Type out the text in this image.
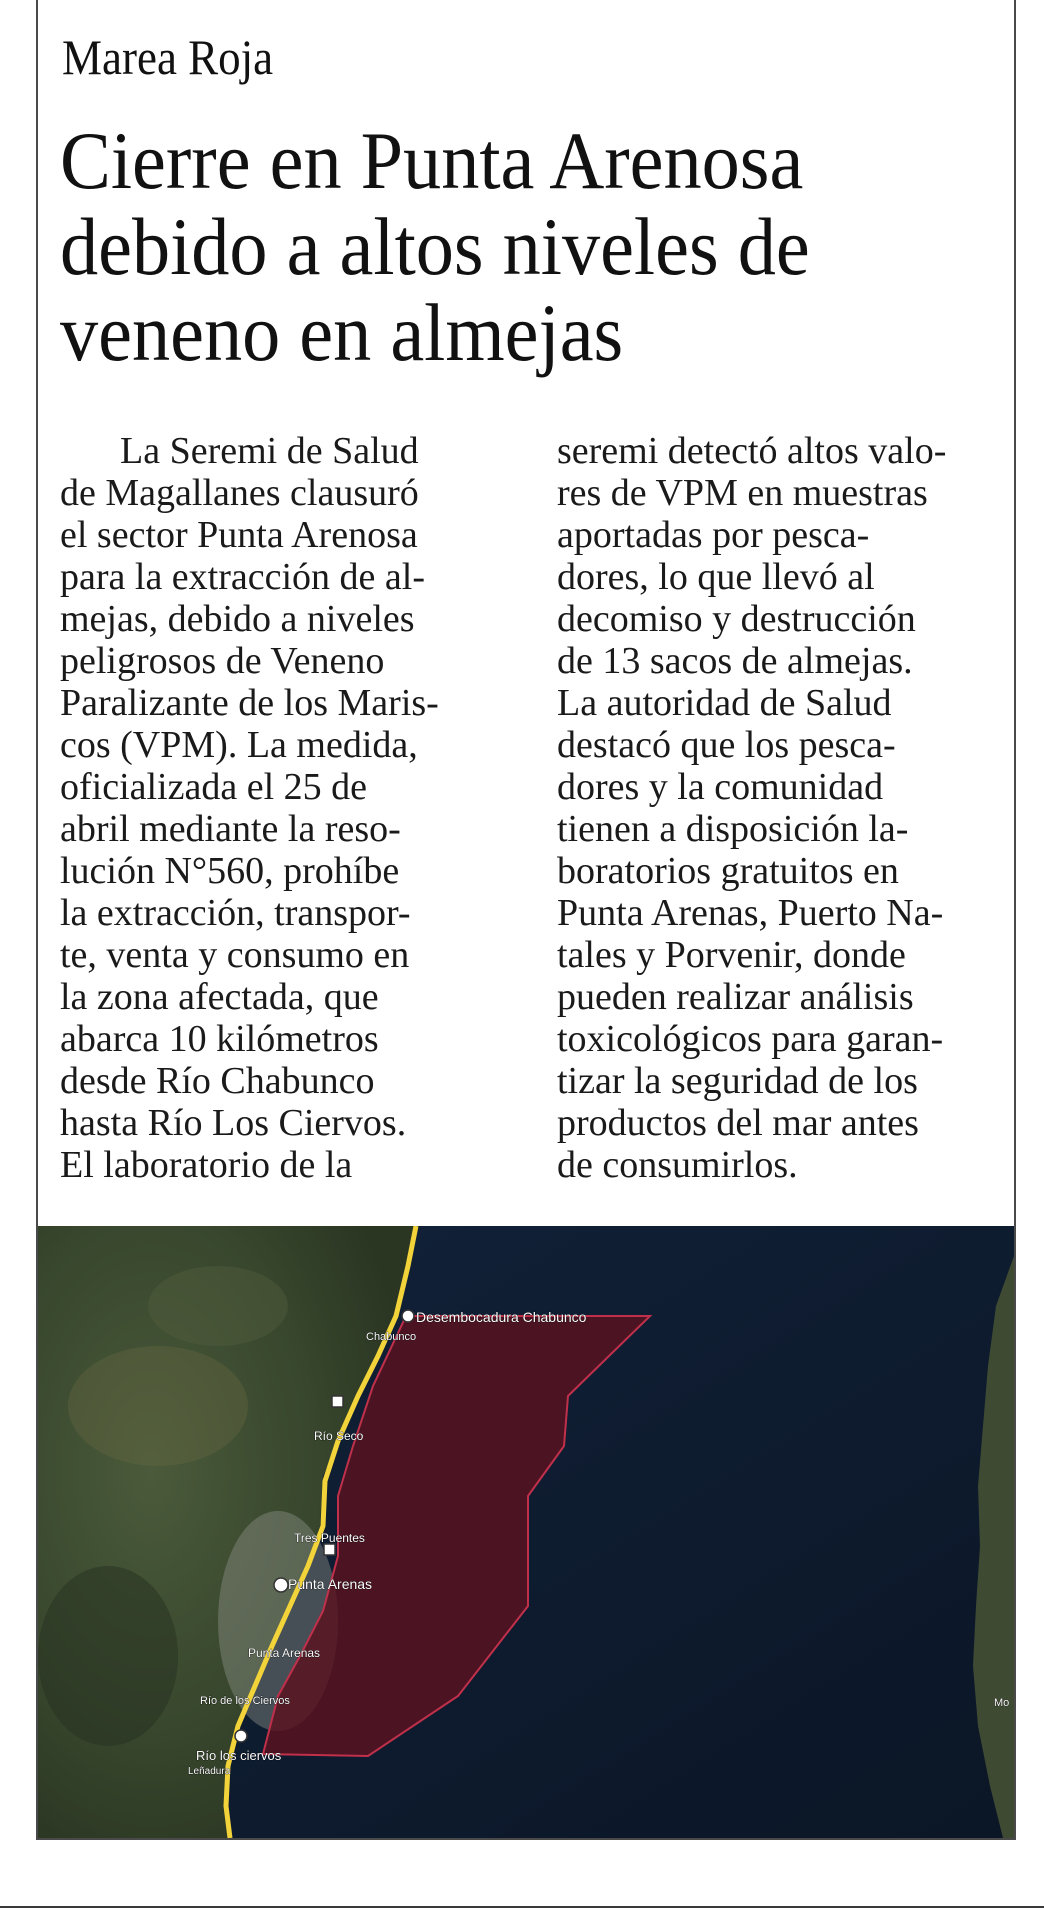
Marea Roja
Cierre en Punta Arenosa
debido a altos niveles de
veneno en almejas
La Seremi de Salud
de Magallanes clausuró
el sector Punta Arenosa
para la extracción de al-
mejas, debido a niveles
peligrosos de Veneno
Paralizante de los Maris-
cos (VPM). La medida,
oficializada el 25 de
abril mediante la reso-
lución N°560, prohíbe
la extracción, transpor-
te, venta y consumo en
la zona afectada, que
abarca 10 kilómetros
desde Río Chabunco
hasta Río Los Ciervos.
El laboratorio de la
seremi detectó altos valo-
res de VPM en muestras
aportadas por pesca-
dores, lo que llevó al
decomiso y destrucción
de 13 sacos de almejas.
La autoridad de Salud
destacó que los pesca-
dores y la comunidad
tienen a disposición la-
boratorios gratuitos en
Punta Arenas, Puerto Na-
tales y Porvenir, donde
pueden realizar análisis
toxicológicos para garan-
tizar la seguridad de los
productos del mar antes
de consumirlos.
Desembocadura Chabunco
Chabunco
Río Seco
Tres Puentes
Punta Arenas
Punta Arenas
Río de los Ciervos
Río los ciervos
Leñadura
Mo
